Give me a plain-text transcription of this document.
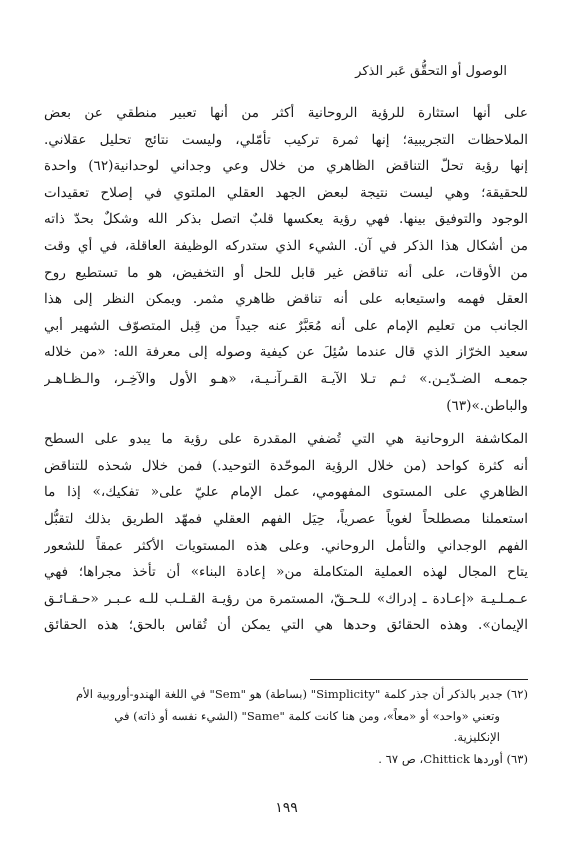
الوصول أو التحقُّق عَبر الذكر

على أنها استثارة للرؤية الروحانية أكثر من أنها تعبير منطقي عن بعض
الملاحظات التجريبية؛ إنها ثمرة تركيب تأمّلي، وليست نتائج تحليل عقلاني.
إنها رؤية تحلّ التناقض الظاهري من خلال وعي وجداني لوحدانية(٦٢) واحدة
للحقيقة؛ وهي ليست نتيجة لبعض الجهد العقلي الملتوي في إصلاح تعقيدات
الوجود والتوفيق بينها. فهي رؤية يعكسها قلبٌ اتصل بذكر الله وشكلٌ بحدّ ذاته
من أشكال هذا الذكر في آن. الشيء الذي ستدركه الوظيفة العاقلة، في أي وقت
من الأوقات، على أنه تناقض غير قابل للحل أو التخفيض، هو ما تستطيع روح
العقل فهمه واستيعابه على أنه تناقض ظاهري مثمر. ويمكن النظر إلى هذا
الجانب من تعليم الإمام على أنه مُعَبَّرٌ عنه جيداً من قِبل المتصوّف الشهير أبي
سعيد الخرّاز الذي قال عندما سُئِلَ عن كيفية وصوله إلى معرفة الله: «من خلاله
جمعـه الضـدّيـن.» ثـم تـلا الآيـة القـرآنـيـة، «هـو الأول والآخِـر، والـظـاهـر
والباطن.»(٦٣)

المكاشفة الروحانية هي التي تُضفي المقدرة على رؤية ما يبدو على السطح
أنه كثرة كواحد (من خلال الرؤية الموحّدة التوحيد.) فمن خلال شحذه للتناقض
الظاهري على المستوى المفهومي، عمل الإمام عليّ على« تفكيك،» إذا ما
استعملنا مصطلحاً لغوياً عصرياً، حِيَل الفهم العقلي فمهّد الطريق بذلك لتقبُّل
الفهم الوجداني والتأمل الروحاني. وعلى هذه المستويات الأكثر عمقاً للشعور
يتاح المجال لهذه العملية المتكاملة من« إعادة البناء» أن تأخذ مجراها؛ فهي
عـمـلـيـة «إعـادة ـ إدراك» للـحـقّ، المستمرة من رؤيـة القـلـب للـه عـبـر «حـقـائـق
الإيمان». وهذه الحقائق وحدها هي التي يمكن أن تُقاس بالحق؛ هذه الحقائق

(٦٢) جدير بالذكر أن جذر كلمة "Simplicity" (بساطة) هو "Sem" في اللغة الهندو-أوروبية الأم
وتعني «واحد» أو «معاً»، ومن هنا كانت كلمة "Same" (الشيء نفسه أو ذاته) في
الإنكليزية.
(٦٣) أوردها Chittick، ص ٦٧ .
١٩٩
